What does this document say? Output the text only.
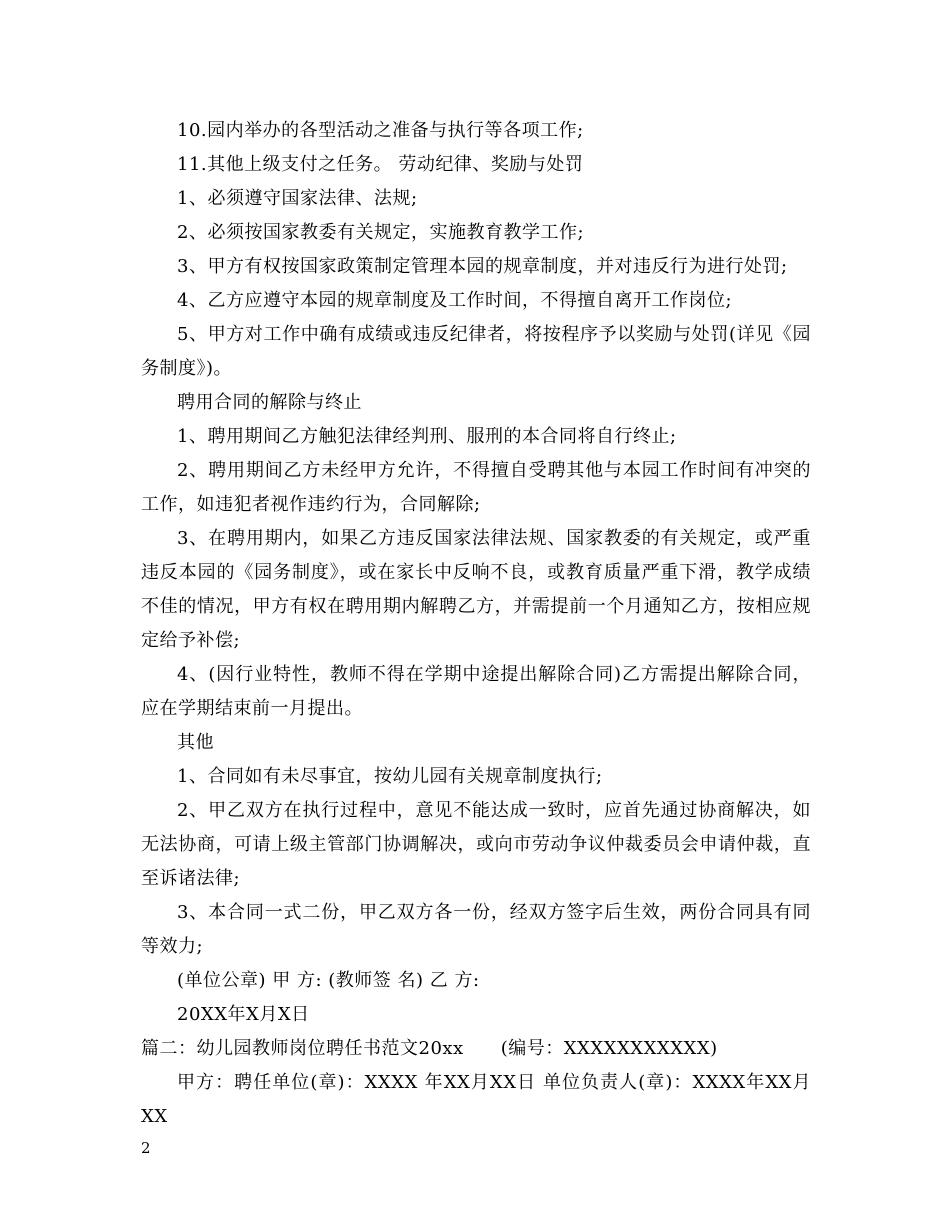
10.园内举办的各型活动之准备与执行等各项工作;

11.其他上级支付之任务。 劳动纪律、奖励与处罚

1、必须遵守国家法律、法规;

2、必须按国家教委有关规定，实施教育教学工作;

3、甲方有权按国家政策制定管理本园的规章制度，并对违反行为进行处罚;

4、乙方应遵守本园的规章制度及工作时间，不得擅自离开工作岗位;

5、甲方对工作中确有成绩或违反纪律者，将按程序予以奖励与处罚(详见《园务制度》)。

聘用合同的解除与终止

1、聘用期间乙方触犯法律经判刑、服刑的本合同将自行终止;

2、聘用期间乙方未经甲方允许，不得擅自受聘其他与本园工作时间有冲突的工作，如违犯者视作违约行为，合同解除;

3、在聘用期内，如果乙方违反国家法律法规、国家教委的有关规定，或严重违反本园的《园务制度》，或在家长中反响不良，或教育质量严重下滑，教学成绩不佳的情况，甲方有权在聘用期内解聘乙方，并需提前一个月通知乙方，按相应规定给予补偿;

4、(因行业特性，教师不得在学期中途提出解除合同)乙方需提出解除合同，应在学期结束前一月提出。

其他

1、合同如有未尽事宜，按幼儿园有关规章制度执行;

2、甲乙双方在执行过程中，意见不能达成一致时，应首先通过协商解决，如无法协商，可请上级主管部门协调解决，或向市劳动争议仲裁委员会申请仲裁，直至诉诸法律;

3、本合同一式二份，甲乙双方各一份，经双方签字后生效，两份合同具有同等效力;

(单位公章) 甲 方: (教师签 名) 乙 方:

20XX年X月X日

篇二：幼儿园教师岗位聘任书范文20xx　　(编号：XXXXXXXXXXX)

甲方：聘任单位(章)：XXXX 年XX月XX日 单位负责人(章)：XXXX年XX月XX

2
